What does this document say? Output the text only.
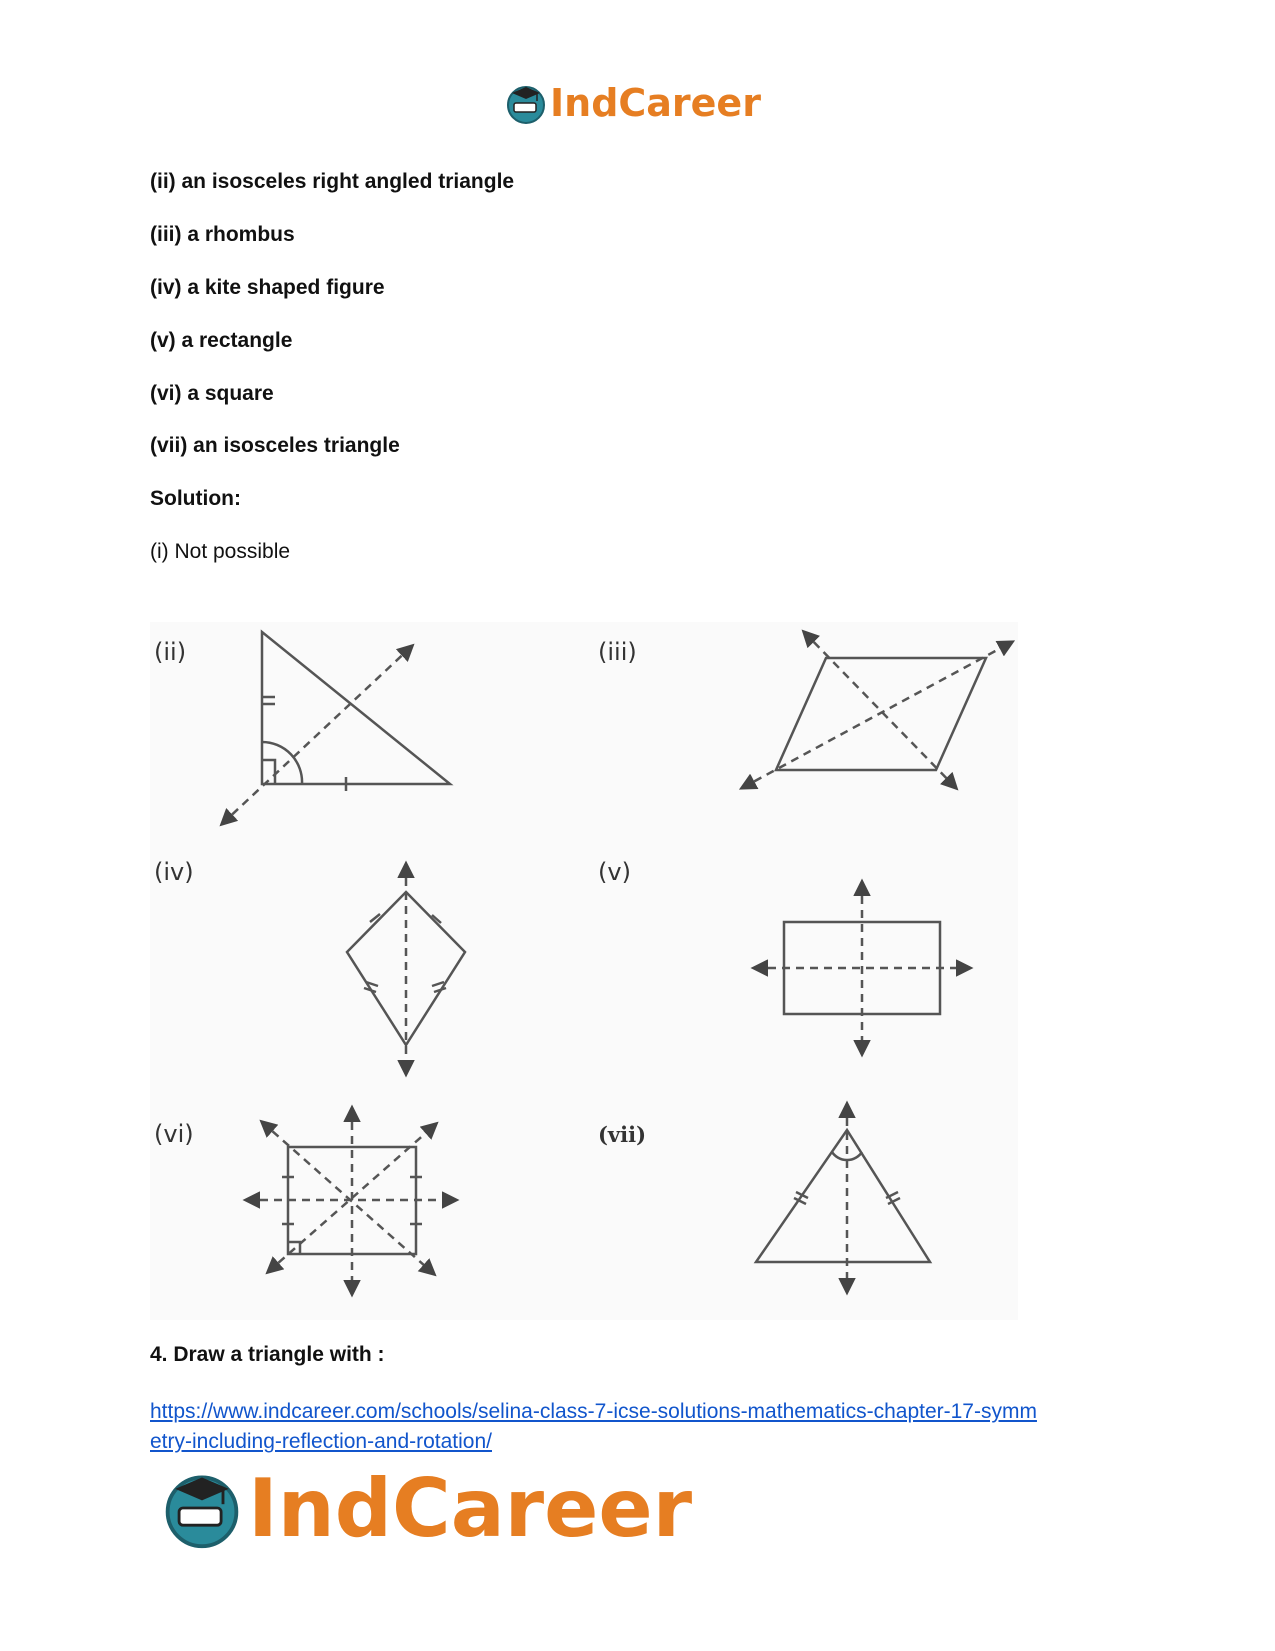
IndCareer
(ii) an isosceles right angled triangle
(iii) a rhombus
(iv) a kite shaped figure
(v) a rectangle
(vi) a square
(vii) an isosceles triangle
Solution:
(i) Not possible
(ii)	(iii)
(iv)	(v)
(vi)	(vii)
4. Draw a triangle with :
https://www.indcareer.com/schools/selina-class-7-icse-solutions-mathematics-chapter-17-symm
etry-including-reflection-and-rotation/
IndCareer
